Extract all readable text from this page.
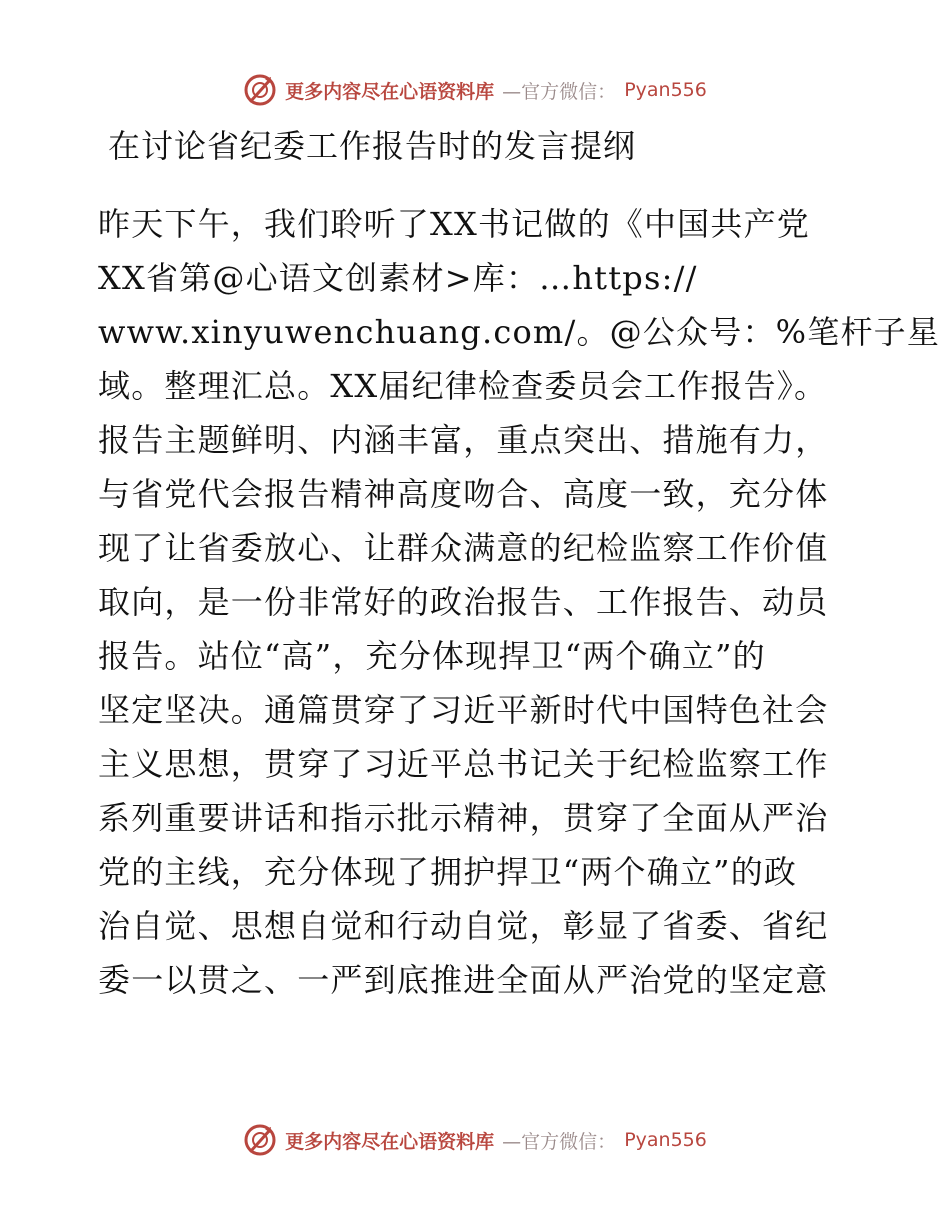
更多内容尽在心语资料库 —官方微信： Pyan556
在讨论省纪委工作报告时的发言提纲
昨天下午，我们聆听了XX书记做的《中国共产党
XX省第@心语文创素材>库：…https://
www.xinyuwenchuang.com/。@公众号：%笔杆子星
域。整理汇总。XX届纪律检查委员会工作报告》。
报告主题鲜明、内涵丰富，重点突出、措施有力，
与省党代会报告精神高度吻合、高度一致，充分体
现了让省委放心、让群众满意的纪检监察工作价值
取向，是一份非常好的政治报告、工作报告、动员
报告。站位“高”，充分体现捍卫“两个确立”的
坚定坚决。通篇贯穿了习近平新时代中国特色社会
主义思想，贯穿了习近平总书记关于纪检监察工作
系列重要讲话和指示批示精神，贯穿了全面从严治
党的主线，充分体现了拥护捍卫“两个确立”的政
治自觉、思想自觉和行动自觉，彰显了省委、省纪
委一以贯之、一严到底推进全面从严治党的坚定意
更多内容尽在心语资料库 —官方微信： Pyan556
